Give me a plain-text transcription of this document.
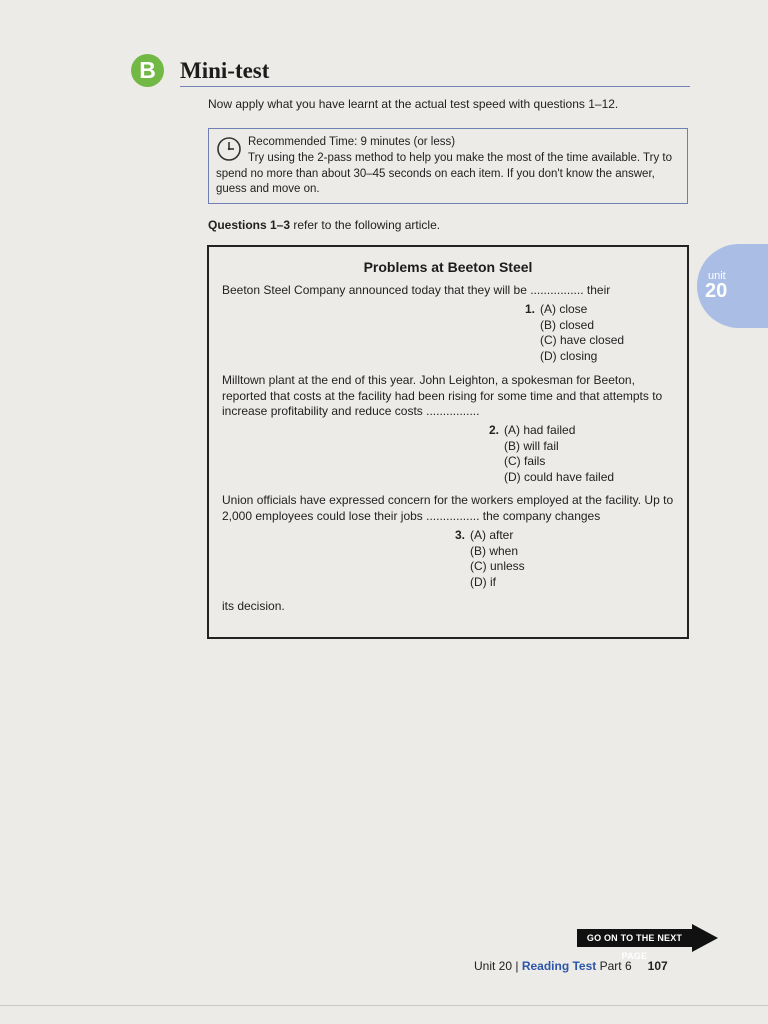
B	Mini-test
Now apply what you have learnt at the actual test speed with questions 1–12.
Recommended Time: 9 minutes (or less)
Try using the 2-pass method to help you make the most of the time available. Try to spend no more than about 30–45 seconds on each item. If you don't know the answer, guess and move on.
Questions 1–3 refer to the following article.
Problems at Beeton Steel
Beeton Steel Company announced today that they will be ................ their
1. (A) close
(B) closed
(C) have closed
(D) closing
Milltown plant at the end of this year. John Leighton, a spokesman for Beeton, reported that costs at the facility had been rising for some time and that attempts to increase profitability and reduce costs ................
2. (A) had failed
(B) will fail
(C) fails
(D) could have failed
Union officials have expressed concern for the workers employed at the facility. Up to 2,000 employees could lose their jobs ................ the company changes
3. (A) after
(B) when
(C) unless
(D) if
its decision.
unit
20
GO ON TO THE NEXT PAGE
Unit 20 | Reading Test Part 6 107
